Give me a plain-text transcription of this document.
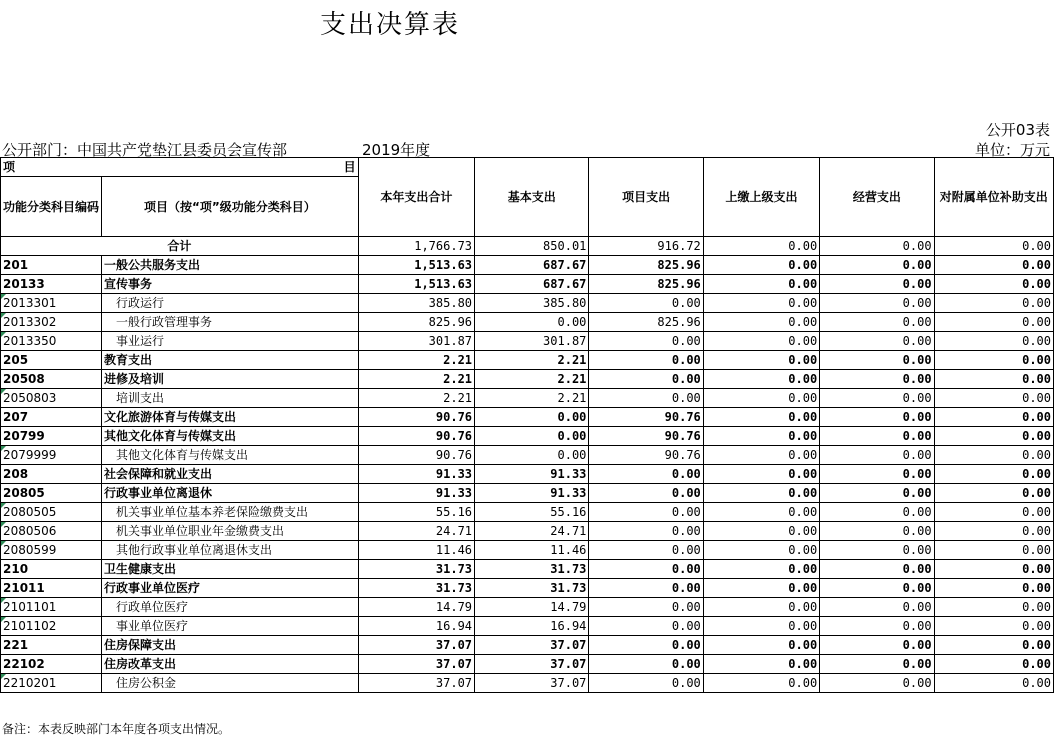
支出决算表
公开03表
公开部门：中国共产党垫江县委员会宣传部	2019年度	单位：万元
项 目		本年支出合计	基本支出	项目支出	上缴上级支出	经营支出	对附属单位补助支出
功能分类科目编码	项目（按“项”级功能分类科目）						
合计		1,766.73	850.01	916.72	0.00	0.00	0.00
201	一般公共服务支出	1,513.63	687.67	825.96	0.00	0.00	0.00
20133	宣传事务	1,513.63	687.67	825.96	0.00	0.00	0.00
2013301	行政运行	385.80	385.80	0.00	0.00	0.00	0.00
2013302	一般行政管理事务	825.96	0.00	825.96	0.00	0.00	0.00
2013350	事业运行	301.87	301.87	0.00	0.00	0.00	0.00
205	教育支出	2.21	2.21	0.00	0.00	0.00	0.00
20508	进修及培训	2.21	2.21	0.00	0.00	0.00	0.00
2050803	培训支出	2.21	2.21	0.00	0.00	0.00	0.00
207	文化旅游体育与传媒支出	90.76	0.00	90.76	0.00	0.00	0.00
20799	其他文化体育与传媒支出	90.76	0.00	90.76	0.00	0.00	0.00
2079999	其他文化体育与传媒支出	90.76	0.00	90.76	0.00	0.00	0.00
208	社会保障和就业支出	91.33	91.33	0.00	0.00	0.00	0.00
20805	行政事业单位离退休	91.33	91.33	0.00	0.00	0.00	0.00
2080505	机关事业单位基本养老保险缴费支出	55.16	55.16	0.00	0.00	0.00	0.00
2080506	机关事业单位职业年金缴费支出	24.71	24.71	0.00	0.00	0.00	0.00
2080599	其他行政事业单位离退休支出	11.46	11.46	0.00	0.00	0.00	0.00
210	卫生健康支出	31.73	31.73	0.00	0.00	0.00	0.00
21011	行政事业单位医疗	31.73	31.73	0.00	0.00	0.00	0.00
2101101	行政单位医疗	14.79	14.79	0.00	0.00	0.00	0.00
2101102	事业单位医疗	16.94	16.94	0.00	0.00	0.00	0.00
221	住房保障支出	37.07	37.07	0.00	0.00	0.00	0.00
22102	住房改革支出	37.07	37.07	0.00	0.00	0.00	0.00
2210201	住房公积金	37.07	37.07	0.00	0.00	0.00	0.00
备注：本表反映部门本年度各项支出情况。
